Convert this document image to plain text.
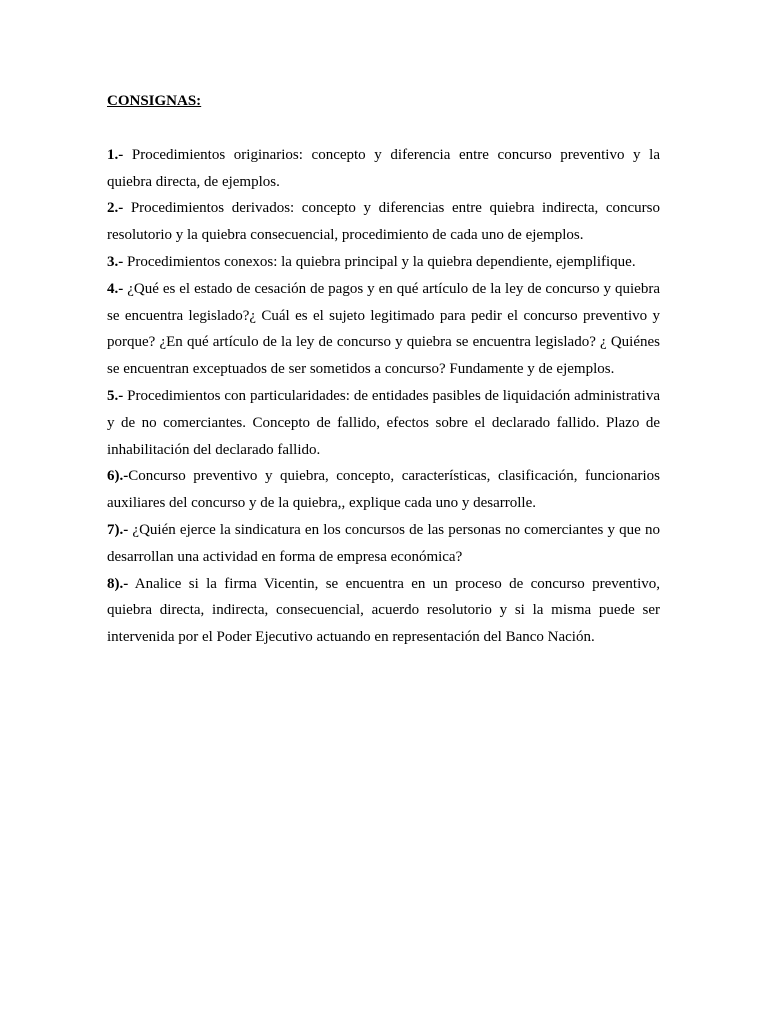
CONSIGNAS:

1.- Procedimientos originarios: concepto y diferencia entre concurso preventivo y la quiebra directa, de ejemplos.

2.- Procedimientos derivados: concepto y diferencias entre quiebra indirecta, concurso resolutorio y la quiebra consecuencial, procedimiento de cada uno de ejemplos.

3.- Procedimientos conexos: la quiebra principal y la quiebra dependiente, ejemplifique.

4.- ¿Qué es el estado de cesación de pagos y en qué artículo de la ley de concurso y quiebra se encuentra legislado?¿ Cuál es el sujeto legitimado para pedir el concurso preventivo y porque? ¿En qué artículo de la ley de concurso y quiebra se encuentra legislado? ¿ Quiénes se encuentran exceptuados de ser sometidos a concurso? Fundamente y de ejemplos.

5.- Procedimientos con particularidades: de entidades pasibles de liquidación administrativa y de no comerciantes. Concepto de fallido, efectos sobre el declarado fallido. Plazo de inhabilitación del declarado fallido.

6).-Concurso preventivo y quiebra, concepto, características, clasificación, funcionarios auxiliares del concurso y de la quiebra,, explique cada uno y desarrolle.

7).- ¿Quién ejerce la sindicatura en los concursos de las personas no comerciantes y que no desarrollan una actividad en forma de empresa económica?

8).- Analice si la firma Vicentin, se encuentra en un proceso de concurso preventivo, quiebra directa, indirecta, consecuencial, acuerdo resolutorio y si la misma puede ser intervenida por el Poder Ejecutivo actuando en representación del Banco Nación.
